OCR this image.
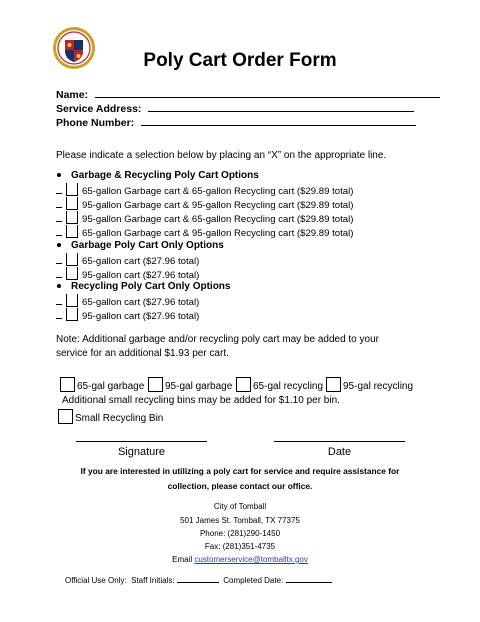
Poly Cart Order Form
Name:
Service Address:
Phone Number:
Please indicate a selection below by placing an “X” on the appropriate line.
Garbage & Recycling Poly Cart Options
65-gallon Garbage cart & 65-gallon Recycling cart ($29.89 total)
95-gallon Garbage cart & 95-gallon Recycling cart ($29.89 total)
95-gallon Garbage cart & 65-gallon Recycling cart ($29.89 total)
65-gallon Garbage cart & 95-gallon Recycling cart ($29.89 total)
Garbage Poly Cart Only Options
65-gallon cart ($27.96 total)
95-gallon cart ($27.96 total)
Recycling Poly Cart Only Options
65-gallon cart ($27.96 total)
95-gallon cart ($27.96 total)
Note: Additional garbage and/or recycling poly cart may be added to your
service for an additional $1.93 per cart.
65-gal garbage	95-gal garbage	65-gal recycling	95-gal recycling
Additional small recycling bins may be added for $1.10 per bin.
Small Recycling Bin
Signature	Date
If you are interested in utilizing a poly cart for service and require assistance for
collection, please contact our office.
City of Tomball
501 James St. Tomball, TX 77375
Phone: (281)290-1450
Fax: (281)351-4735
Email customerservice@tomballtx.gov
Official Use Only: Staff Initials:	Completed Date:
